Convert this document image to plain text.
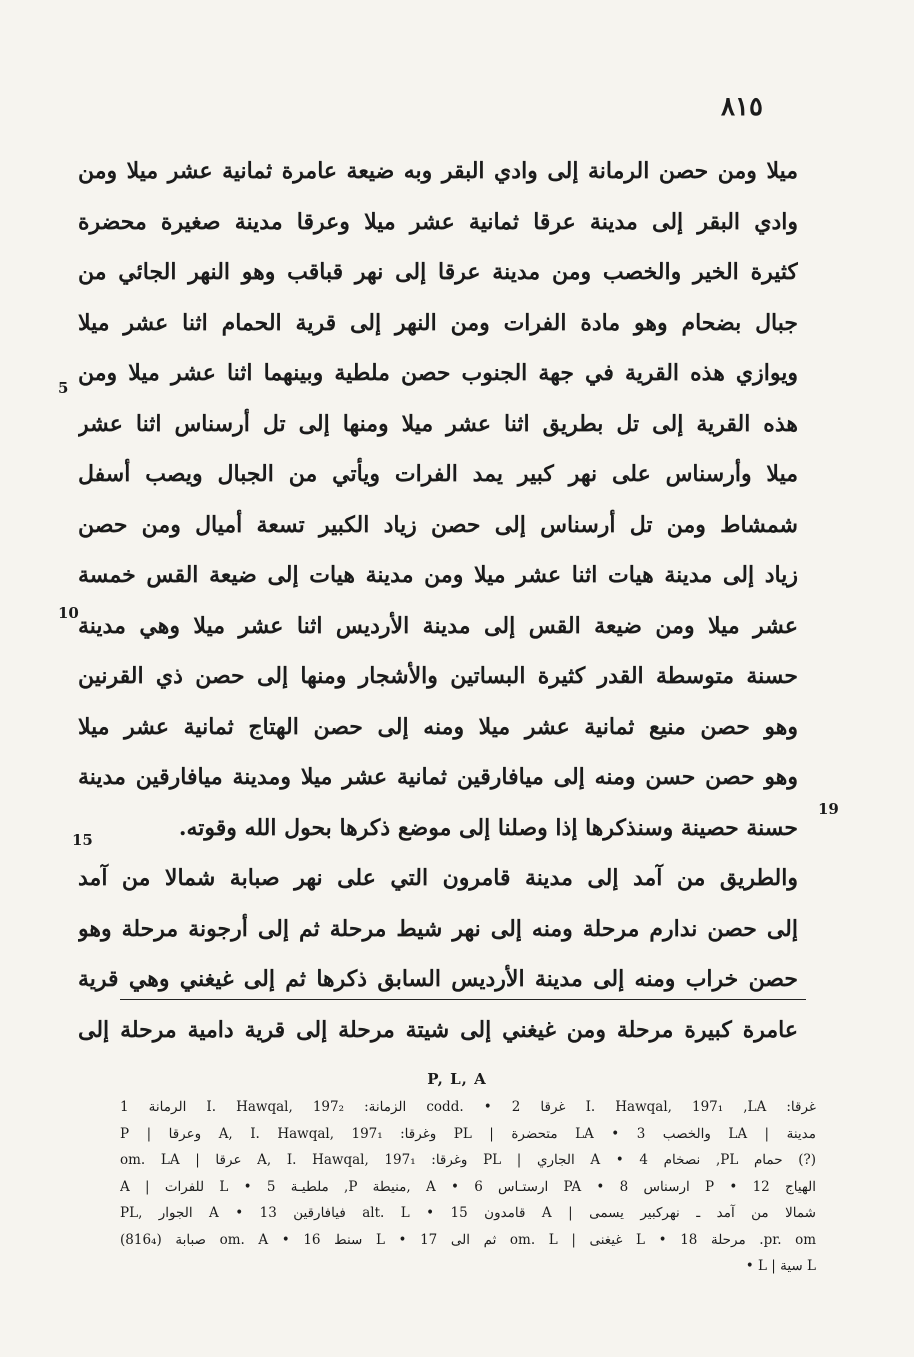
٨١٥
ميلا ومن حصن الرمانة إلى وادي البقر وبه ضيعة عامرة ثمانية عشر ميلا ومن
وادي البقر إلى مدينة عرقا ثمانية عشر ميلا وعرقا مدينة صغيرة محضرة
كثيرة الخير والخصب ومن مدينة عرقا إلى نهر قباقب وهو النهر الجائي من
جبال بضحام وهو مادة الفرات ومن النهر إلى قرية الحمام اثنا عشر ميلا
ويوازي هذه القرية في جهة الجنوب حصن ملطية وبينهما اثنا عشر ميلا ومن
هذه القرية إلى تل بطريق اثنا عشر ميلا ومنها إلى تل أرسناس اثنا عشر
ميلا وأرسناس على نهر كبير يمد الفرات ويأتي من الجبال ويصب أسفل
شمشاط ومن تل أرسناس إلى حصن زياد الكبير تسعة أميال ومن حصن
زياد إلى مدينة هيات اثنا عشر ميلا ومن مدينة هيات إلى ضيعة القس خمسة
عشر ميلا ومن ضيعة القس إلى مدينة الأرديس اثنا عشر ميلا وهي مدينة
حسنة متوسطة القدر كثيرة البساتين والأشجار ومنها إلى حصن ذي القرنين
وهو حصن منيع ثمانية عشر ميلا ومنه إلى حصن الهتاج ثمانية عشر ميلا
وهو حصن حسن ومنه إلى ميافارقين ثمانية عشر ميلا ومدينة ميافارقين مدينة
حسنة حصينة وسنذكرها إذا وصلنا إلى موضع ذكرها بحول الله وقوته.
والطريق من آمد إلى مدينة قامرون التي على نهر صبابة شمالا من آمد
إلى حصن ندارم مرحلة ومنه إلى نهر شيط مرحلة ثم إلى أرجونة مرحلة وهو
حصن خراب ومنه إلى مدينة الأرديس السابق ذكرها ثم إلى غيغني وهي قرية
عامرة كبيرة مرحلة ومن غيغني إلى شيتة مرحلة إلى قرية دامية مرحلة إلى
5
10
15
19
P, L, A
غرقا: I. Hawqal, 197₁ ,LA غرقا 2 • .codd الزمانة: I. Hawqal, 197₂ الرمانة 1
مدينة | LA والخصب 3 • LA متحضرة | PL وغرقا: A, I. Hawqal, 197₁ وعرقا | P
(?) حمام PL, نصخام 4 • A الجاري | PL وغرقا: A, I. Hawqal, 197₁ عرقا | om. LA
الهياج 12 • P ارسناس 8 • PA ارستـاس 6 • A ,منيطة P, ملطيـة 5 • L للفرات | A
شمالا من آمد ـ نهركبير يسمى | A قامدون 15 • alt. L فيافارقين 13 • A الجوار ,PL
pr. om. مرحلة 18 • L غيغنى | om. L ثم الى 17 • L سنط 16 • om. A صبابة (816₄)
L سية | L •
